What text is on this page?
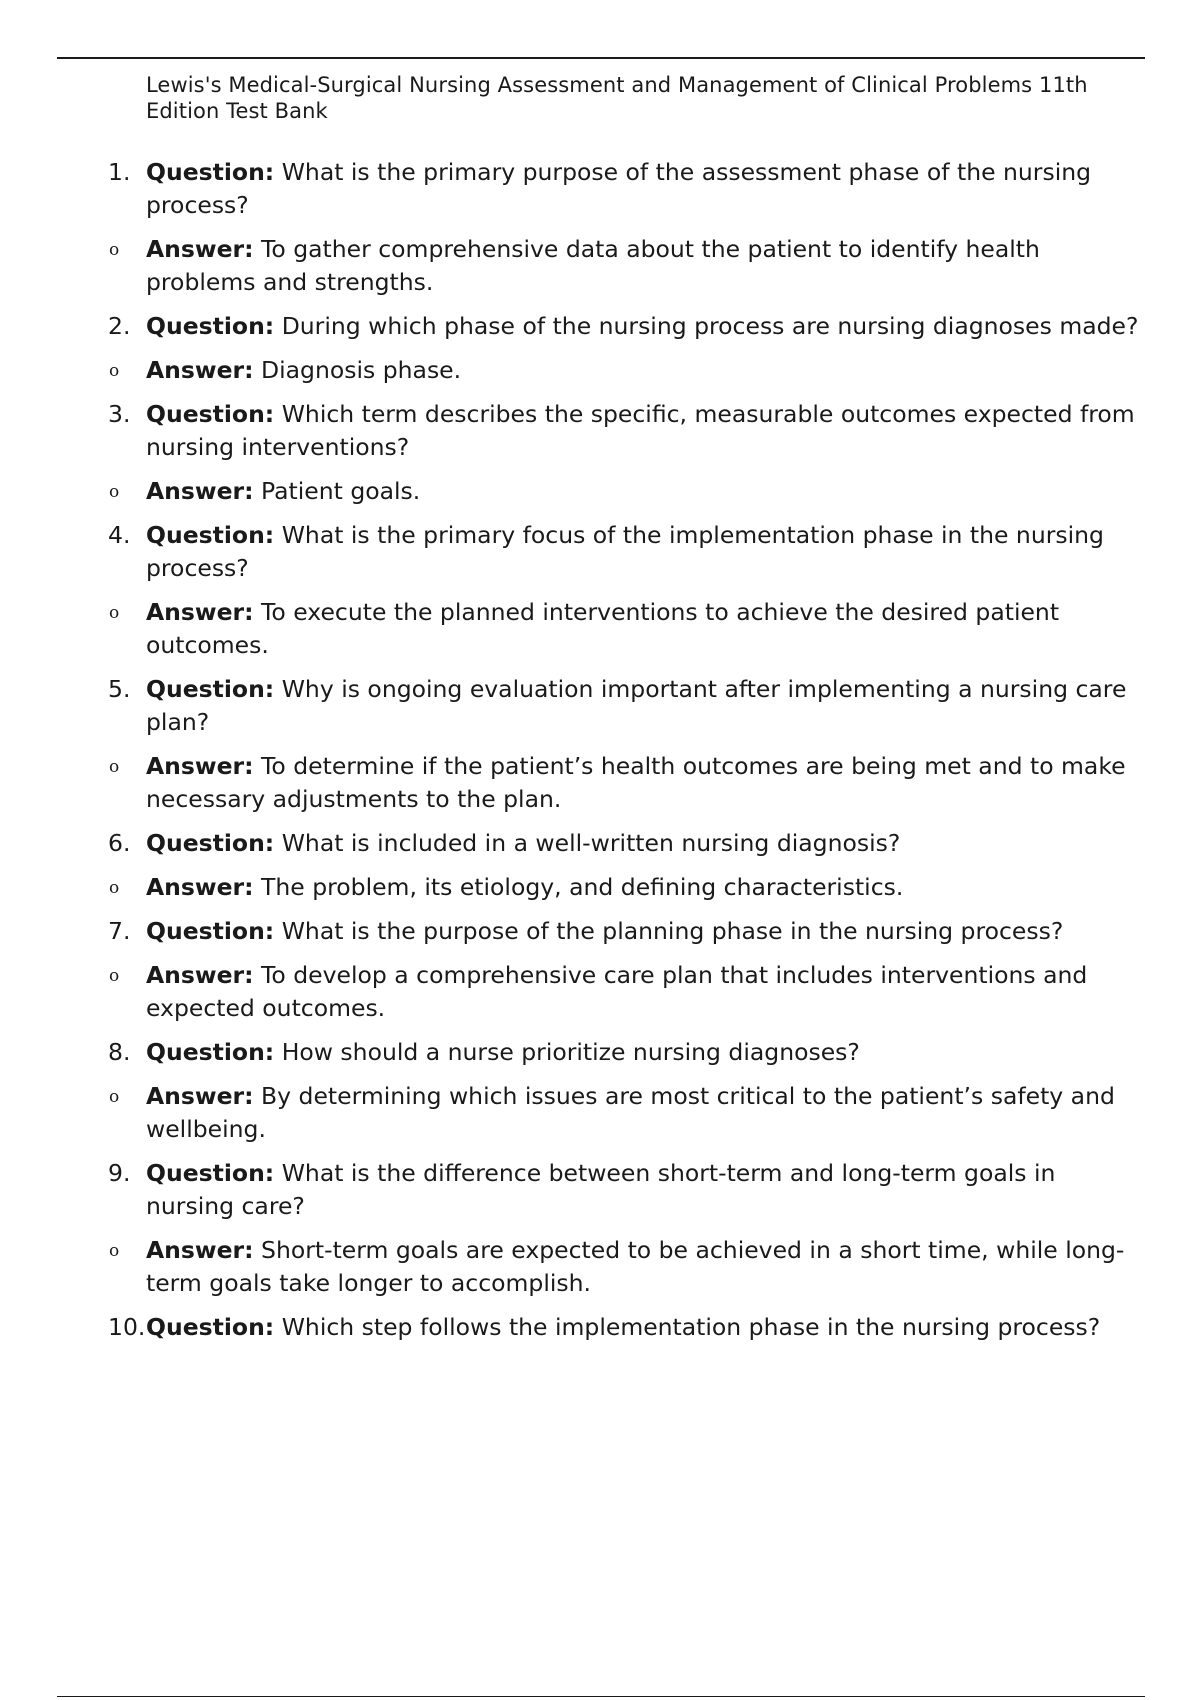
Lewis's Medical-Surgical Nursing Assessment and Management of Clinical Problems 11th Edition Test Bank
1. Question: What is the primary purpose of the assessment phase of the nursing process?
o Answer: To gather comprehensive data about the patient to identify health problems and strengths.
2. Question: During which phase of the nursing process are nursing diagnoses made?
o Answer: Diagnosis phase.
3. Question: Which term describes the specific, measurable outcomes expected from nursing interventions?
o Answer: Patient goals.
4. Question: What is the primary focus of the implementation phase in the nursing process?
o Answer: To execute the planned interventions to achieve the desired patient outcomes.
5. Question: Why is ongoing evaluation important after implementing a nursing care plan?
o Answer: To determine if the patient’s health outcomes are being met and to make necessary adjustments to the plan.
6. Question: What is included in a well-written nursing diagnosis?
o Answer: The problem, its etiology, and defining characteristics.
7. Question: What is the purpose of the planning phase in the nursing process?
o Answer: To develop a comprehensive care plan that includes interventions and expected outcomes.
8. Question: How should a nurse prioritize nursing diagnoses?
o Answer: By determining which issues are most critical to the patient’s safety and wellbeing.
9. Question: What is the difference between short-term and long-term goals in nursing care?
o Answer: Short-term goals are expected to be achieved in a short time, while long-term goals take longer to accomplish.
10. Question: Which step follows the implementation phase in the nursing process?
